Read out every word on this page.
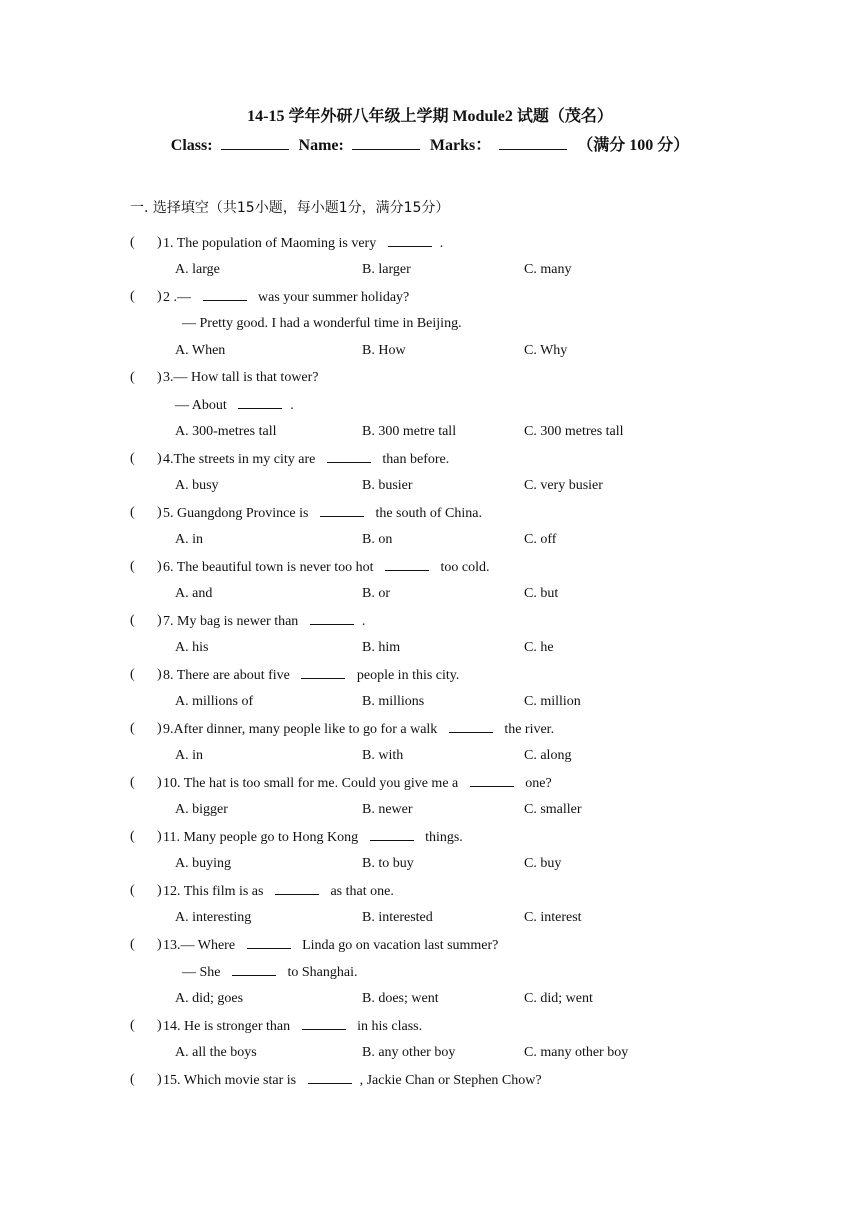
14-15 学年外研八年级上学期 Module2 试题（茂名）
Class:	Name:	Marks：	（满分 100 分）
一. 选择填空（共15小题，每小题1分，满分15分）
( ) 1. The population of Maoming is very	.
A. large	B. larger	C. many
( ) 2 .—	was your summer holiday?
— Pretty good. I had a wonderful time in Beijing.
A. When	B. How	C. Why
( ) 3.— How tall is that tower?
— About	.
A. 300-metres tall	B. 300 metre tall	C. 300 metres tall
( ) 4.The streets in my city are	than before.
A. busy	B. busier	C. very busier
( ) 5. Guangdong Province is	the south of China.
A. in	B. on	C. off
( ) 6. The beautiful town is never too hot	too cold.
A. and	B. or	C. but
( ) 7. My bag is newer than	.
A. his	B. him	C. he
( ) 8. There are about five	people in this city.
A. millions of	B. millions	C. million
( ) 9.After dinner, many people like to go for a walk	the river.
A. in	B. with	C. along
( ) 10. The hat is too small for me. Could you give me a	one?
A. bigger	B. newer	C. smaller
( ) 11. Many people go to Hong Kong	things.
A. buying	B. to buy	C. buy
( ) 12. This film is as	as that one.
A. interesting	B. interested	C. interest
( ) 13.— Where	Linda go on vacation last summer?
— She	to Shanghai.
A. did; goes	B. does; went	C. did; went
( ) 14. He is stronger than	in his class.
A. all the boys	B. any other boy	C. many other boy
( ) 15. Which movie star is	, Jackie Chan or Stephen Chow?
